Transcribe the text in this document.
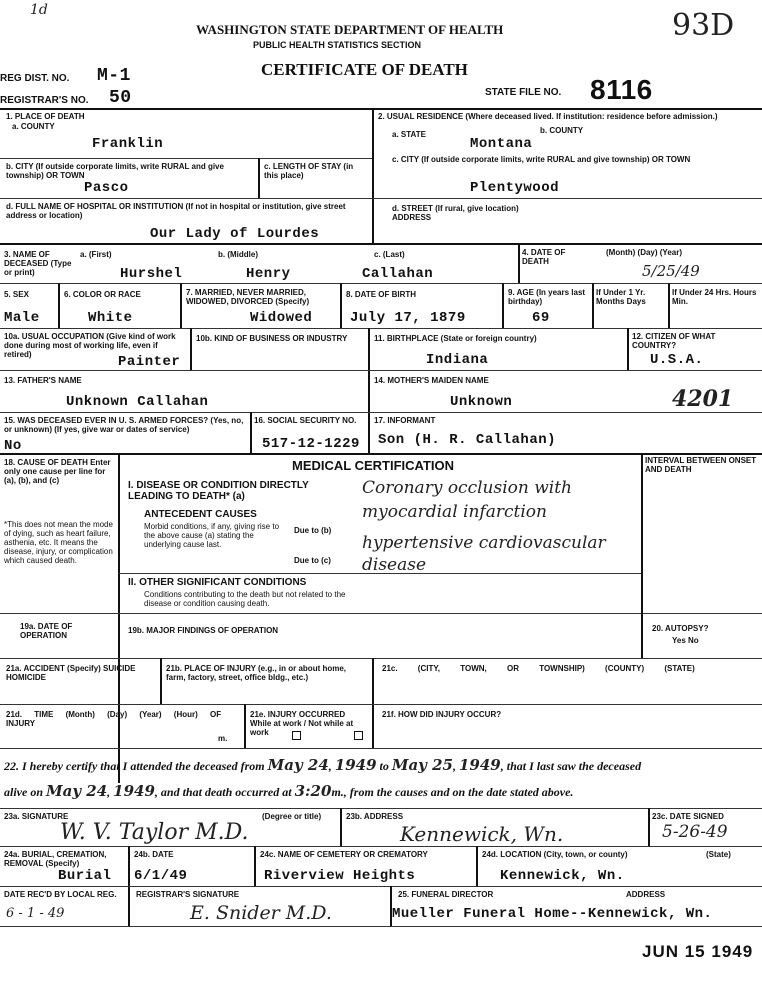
1d	93D
WASHINGTON STATE DEPARTMENT OF HEALTH
PUBLIC HEALTH STATISTICS SECTION
CERTIFICATE OF DEATH
REG DIST. NO. M-1
REGISTRAR'S NO. 50	STATE FILE NO. 8116
1. PLACE OF DEATH
a. COUNTY
Franklin
b. CITY (If outside corporate limits, write RURAL and give township) OR TOWN
Pasco
c. LENGTH OF STAY (in this place)
d. FULL NAME OF HOSPITAL OR INSTITUTION (If not in hospital or institution, give street address or location)
Our Lady of Lourdes
2. USUAL RESIDENCE (Where deceased lived. If institution: residence before admission.)
a. STATE
Montana
b. COUNTY
c. CITY (If outside corporate limits, write RURAL and give township) OR TOWN
Plentywood
d. STREET (If rural, give location) ADDRESS
3. NAME OF DECEASED (Type or print)
a. (First)
Hurshel
b. (Middle)
Henry
c. (Last)
Callahan
4. DATE OF DEATH
(Month) (Day) (Year)
5/25/49
5. SEX
Male
6. COLOR OR RACE
White
7. MARRIED, NEVER MARRIED, WIDOWED, DIVORCED (Specify)
Widowed
8. DATE OF BIRTH
July 17, 1879
9. AGE (In years last birthday)
69
If Under 1 Yr. Months Days
If Under 24 Hrs. Hours Min.
10a. USUAL OCCUPATION (Give kind of work done during most of working life, even if retired)	Painter
10b. KIND OF BUSINESS OR INDUSTRY	11. BIRTHPLACE (State or foreign country)
Indiana
12. CITIZEN OF WHAT COUNTRY?
U.S.A.
13. FATHER'S NAME
Unknown Callahan
14. MOTHER'S MAIDEN NAME
Unknown	4201
15. WAS DECEASED EVER IN U. S. ARMED FORCES? (Yes, no, or unknown) (If yes, give war or dates of service)
No
16. SOCIAL SECURITY NO.
517-12-1229
17. INFORMANT
Son (H. R. Callahan)
18. CAUSE OF DEATH Enter only one cause per line for (a), (b), and (c)
*This does not mean the mode of dying, such as heart failure, asthenia, etc. It means the disease, injury, or complication which caused death.
MEDICAL CERTIFICATION	INTERVAL BETWEEN ONSET AND DEATH
I. DISEASE OR CONDITION DIRECTLY LEADING TO DEATH* (a)	Coronary occlusion with myocardial infarction
ANTECEDENT CAUSES
Morbid conditions, if any, giving rise to the above cause (a) stating the underlying cause last.
Due to (b)
hypertensive cardiovascular disease
Due to (c)
II. OTHER SIGNIFICANT CONDITIONS
Conditions contributing to the death but not related to the disease or condition causing death.
19a. DATE OF OPERATION
19b. MAJOR FINDINGS OF OPERATION	20. AUTOPSY?
Yes No
21a. ACCIDENT (Specify) SUICIDE HOMICIDE
21b. PLACE OF INJURY (e.g., in or about home, farm, factory, street, office bldg., etc.)
21c. (CITY, TOWN, OR TOWNSHIP) (COUNTY) (STATE)
21d. TIME (Month) (Day) (Year) (Hour) OF INJURY
m.
21e. INJURY OCCURRED While at work / Not while at work
21f. HOW DID INJURY OCCUR?
22. I hereby certify that I attended the deceased from May 24, 1949 to May 25, 1949, that I last saw the deceased
alive on May 24, 1949, and that death occurred at 3:20m., from the causes and on the date stated above.
23a. SIGNATURE	(Degree or title)
W. V. Taylor M.D.
23b. ADDRESS
Kennewick, Wn.
23c. DATE SIGNED
5-26-49
24a. BURIAL, CREMATION, REMOVAL (Specify)
Burial
24b. DATE
6/1/49
24c. NAME OF CEMETERY OR CREMATORY
Riverview Heights
24d. LOCATION (City, town, or county)	(State)
Kennewick, Wn.
DATE REC'D BY LOCAL REG.
6 - 1 - 49
REGISTRAR'S SIGNATURE
E. Snider M.D.
25. FUNERAL DIRECTOR	ADDRESS
Mueller Funeral Home--Kennewick, Wn.
JUN 15 1949
